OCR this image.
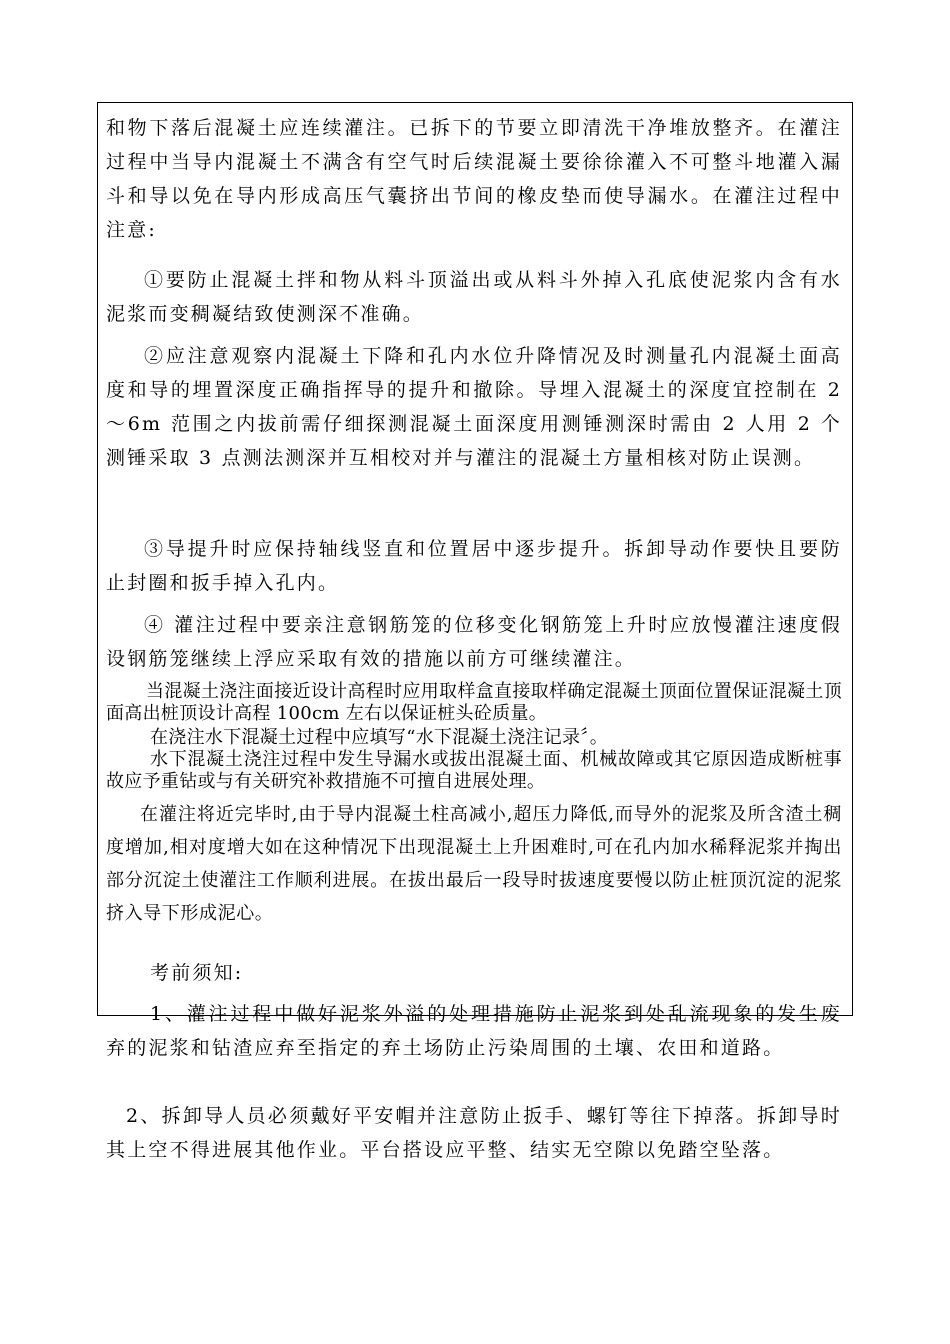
和物下落后混凝土应连续灌注。已拆下的节要立即清洗干净堆放整齐。在灌注过程中当导内混凝土不满含有空气时后续混凝土要徐徐灌入不可整斗地灌入漏斗和导以免在导内形成高压气囊挤出节间的橡皮垫而使导漏水。在灌注过程中注意:

①要防止混凝土拌和物从料斗顶溢出或从料斗外掉入孔底使泥浆内含有水泥浆而变稠凝结致使测深不准确。

②应注意观察内混凝土下降和孔内水位升降情况及时测量孔内混凝土面高度和导的埋置深度正确指挥导的提升和撤除。导埋入混凝土的深度宜控制在 2～6m 范围之内拔前需仔细探测混凝土面深度用测锤测深时需由 2 人用 2 个测锤采取 3 点测法测深并互相校对并与灌注的混凝土方量相核对防止误测。

③导提升时应保持轴线竖直和位置居中逐步提升。拆卸导动作要快且要防止封圈和扳手掉入孔内。

④ 灌注过程中要亲注意钢筋笼的位移变化钢筋笼上升时应放慢灌注速度假设钢筋笼继续上浮应采取有效的措施以前方可继续灌注。

当混凝土浇注面接近设计高程时应用取样盒直接取样确定混凝土顶面位置保证混凝土顶面高出桩顶设计高程 100cm 左右以保证桩头砼质量。

在浇注水下混凝土过程中应填写“水下混凝土浇注记录〞。

水下混凝土浇注过程中发生导漏水或拔出混凝土面、机械故障或其它原因造成断桩事故应予重钻或与有关研究补救措施不可擅自进展处理。

在灌注将近完毕时,由于导内混凝土柱高减小,超压力降低,而导外的泥浆及所含渣土稠度增加,相对度增大如在这种情况下出现混凝土上升困难时,可在孔内加水稀释泥浆并掏出部分沉淀土使灌注工作顺利进展。在拔出最后一段导时拔速度要慢以防止桩顶沉淀的泥浆挤入导下形成泥心。

考前须知:

1、灌注过程中做好泥浆外溢的处理措施防止泥浆到处乱流现象的发生废弃的泥浆和钻渣应弃至指定的弃土场防止污染周围的土壤、农田和道路。

2、拆卸导人员必须戴好平安帽并注意防止扳手、螺钉等往下掉落。拆卸导时其上空不得进展其他作业。平台搭设应平整、结实无空隙以免踏空坠落。
